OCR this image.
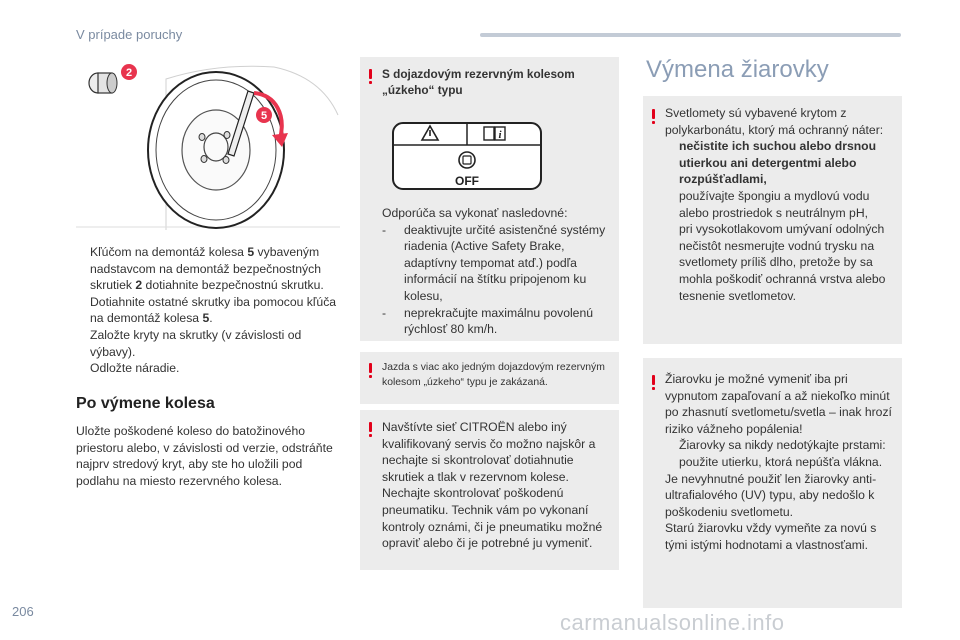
V prípade poruchy
2
5
Kľúčom na demontáž kolesa 5 vybaveným nadstavcom na demontáž bezpečnostných skrutiek 2 dotiahnite bezpečnostnú skrutku.
Dotiahnite ostatné skrutky iba pomocou kľúča na demontáž kolesa 5.
Založte kryty na skrutky (v závislosti od výbavy).
Odložte náradie.
Po výmene kolesa
Uložte poškodené koleso do batožinového priestoru alebo, v závislosti od verzie, odstráňte najprv stredový kryt, aby ste ho uložili pod podlahu na miesto rezervného kolesa.
S dojazdovým rezervným kolesom
„úzkeho“ typu
i
OFF
Odporúča sa vykonať nasledovné:
- deaktivujte určité asistenčné systémy riadenia (Active Safety Brake, adaptívny tempomat atď.) podľa informácií na štítku pripojenom ku kolesu,
- neprekračujte maximálnu povolenú rýchlosť 80 km/h.
Jazda s viac ako jedným dojazdovým rezervným kolesom „úzkeho“ typu je zakázaná.
Navštívte sieť CITROËN alebo iný kvalifikovaný servis čo možno najskôr a nechajte si skontrolovať dotiahnutie skrutiek a tlak v rezervnom kolese. Nechajte skontrolovať poškodenú pneumatiku. Technik vám po vykonaní kontroly oznámi, či je pneumatiku možné opraviť alebo či je potrebné ju vymeniť.
Výmena žiarovky
Svetlomety sú vybavené krytom z polykarbonátu, ktorý má ochranný náter:
nečistite ich suchou alebo drsnou utierkou ani detergentmi alebo rozpúšťadlami,
používajte špongiu a mydlovú vodu alebo prostriedok s neutrálnym pH,
pri vysokotlakovom umývaní odolných nečistôt nesmerujte vodnú trysku na svetlomety príliš dlho, pretože by sa mohla poškodiť ochranná vrstva alebo tesnenie svetlometov.
Žiarovku je možné vymeniť iba pri vypnutom zapaľovaní a až niekoľko minút po zhasnutí svetlometu/svetla – inak hrozí riziko vážneho popálenia!
Žiarovky sa nikdy nedotýkajte prstami: použite utierku, ktorá nepúšťa vlákna.
Je nevyhnutné použiť len žiarovky anti-ultrafialového (UV) typu, aby nedošlo k poškodeniu svetlometu.
Starú žiarovku vždy vymeňte za novú s tými istými hodnotami a vlastnosťami.
206	carmanualsonline.info
